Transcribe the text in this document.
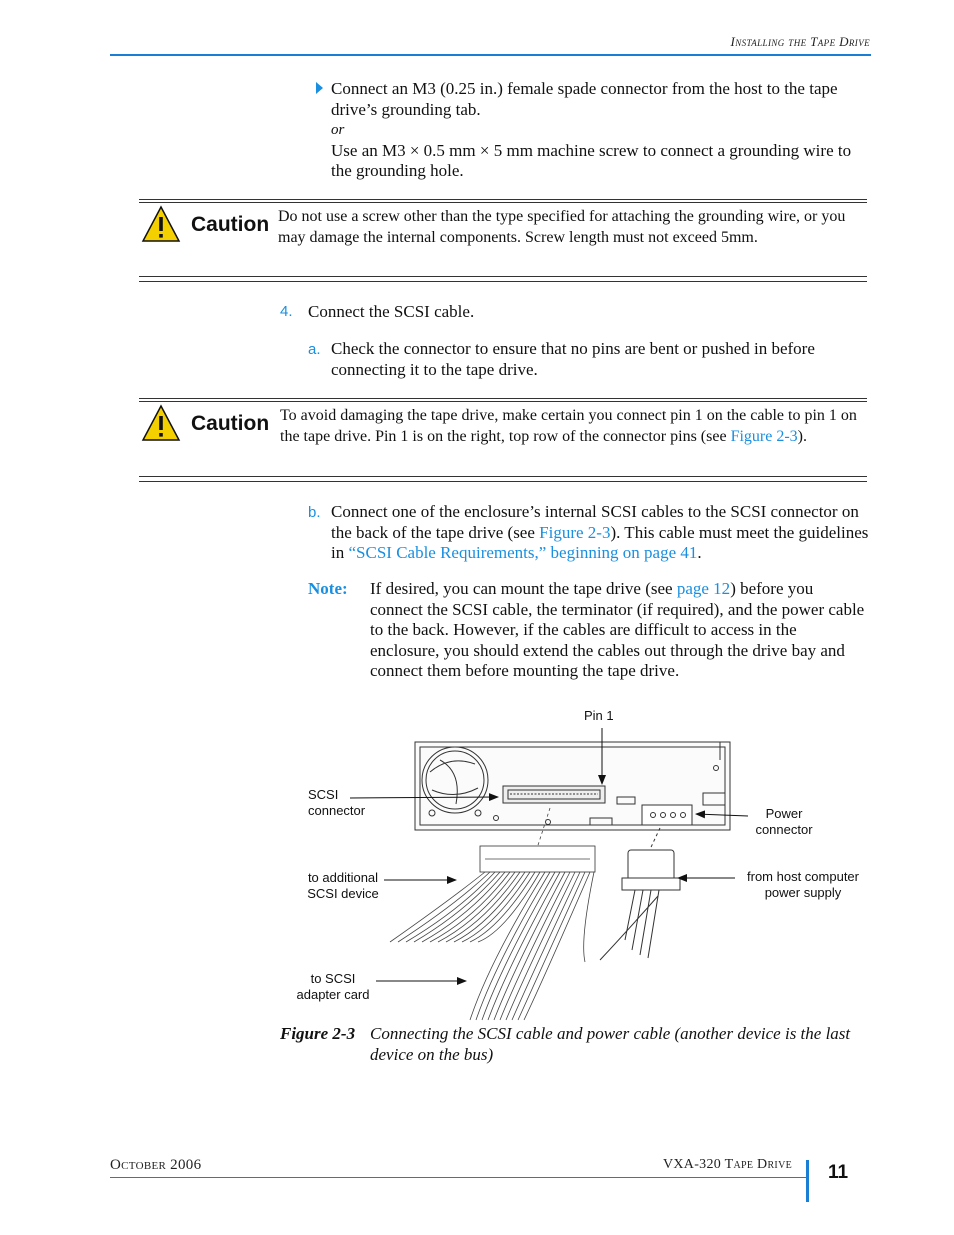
Installing the Tape Drive
Connect an M3 (0.25 in.) female spade connector from the host to the tape drive’s grounding tab.
or
Use an M3 × 0.5 mm × 5 mm machine screw to connect a grounding wire to the grounding hole.
Caution Do not use a screw other than the type specified for attaching the grounding wire, or you may damage the internal components. Screw length must not exceed 5mm.
4. Connect the SCSI cable.
a. Check the connector to ensure that no pins are bent or pushed in before connecting it to the tape drive.
Caution To avoid damaging the tape drive, make certain you connect pin 1 on the cable to pin 1 on the tape drive. Pin 1 is on the right, top row of the connector pins (see Figure 2-3).
b. Connect one of the enclosure’s internal SCSI cables to the SCSI connector on the back of the tape drive (see Figure 2-3). This cable must meet the guidelines in “SCSI Cable Requirements,” beginning on page 41.
Note: If desired, you can mount the tape drive (see page 12) before you connect the SCSI cable, the terminator (if required), and the power cable to the back. However, if the cables are difficult to access in the enclosure, you should extend the cables out through the drive bay and connect them before mounting the tape drive.
Pin 1
SCSI
connector	Power
connector
to additional
SCSI device
from host computer
power supply
to SCSI
adapter card
Figure 2-3 Connecting the SCSI cable and power cable (another device is the last device on the bus)
October 2006	VXA-320 Tape Drive 11
